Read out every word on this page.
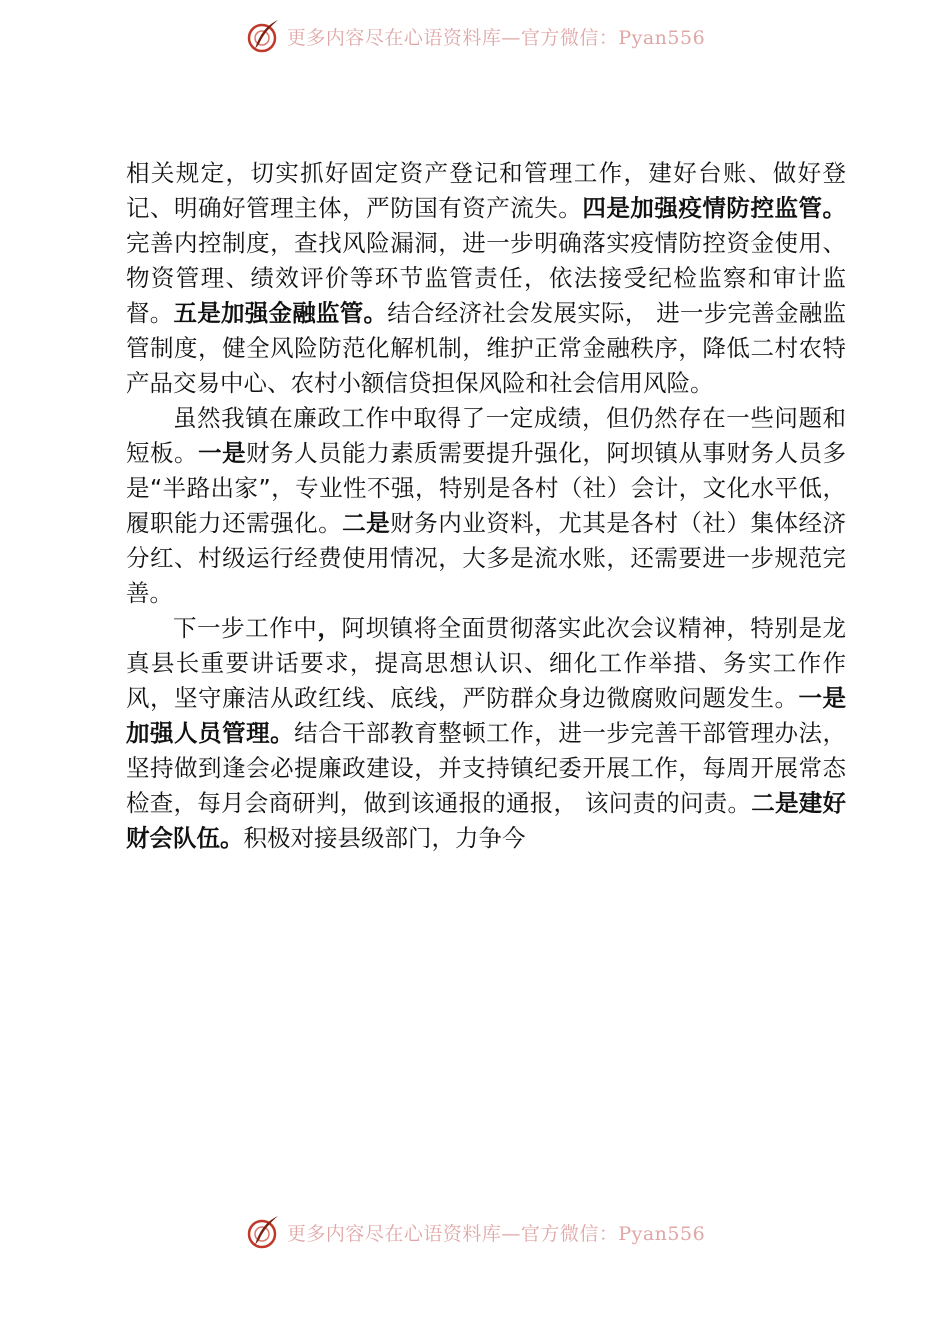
更多内容尽在心语资料库—官方微信：Pyan556

相关规定，切实抓好固定资产登记和管理工作，建好台账、做好登记、明确好管理主体，严防国有资产流失。四是加强疫情防控监管。完善内控制度，查找风险漏洞，进一步明确落实疫情防控资金使用、物资管理、绩效评价等环节监管责任，依法接受纪检监察和审计监督。五是加强金融监管。结合经济社会发展实际， 进一步完善金融监管制度，健全风险防范化解机制，维护正常金融秩序，降低二村农特产品交易中心、农村小额信贷担保风险和社会信用风险。

虽然我镇在廉政工作中取得了一定成绩，但仍然存在一些问题和短板。一是财务人员能力素质需要提升强化，阿坝镇从事财务人员多是“半路出家”，专业性不强，特别是各村（社）会计，文化水平低，履职能力还需强化。二是财务内业资料，尤其是各村（社）集体经济分红、村级运行经费使用情况，大多是流水账，还需要进一步规范完善。

下一步工作中，阿坝镇将全面贯彻落实此次会议精神，特别是龙真县长重要讲话要求，提高思想认识、细化工作举措、务实工作作风，坚守廉洁从政红线、底线，严防群众身边微腐败问题发生。一是加强人员管理。结合干部教育整顿工作，进一步完善干部管理办法，坚持做到逢会必提廉政建设，并支持镇纪委开展工作，每周开展常态检查，每月会商研判，做到该通报的通报， 该问责的问责。二是建好财会队伍。积极对接县级部门，力争今

更多内容尽在心语资料库—官方微信：Pyan556
